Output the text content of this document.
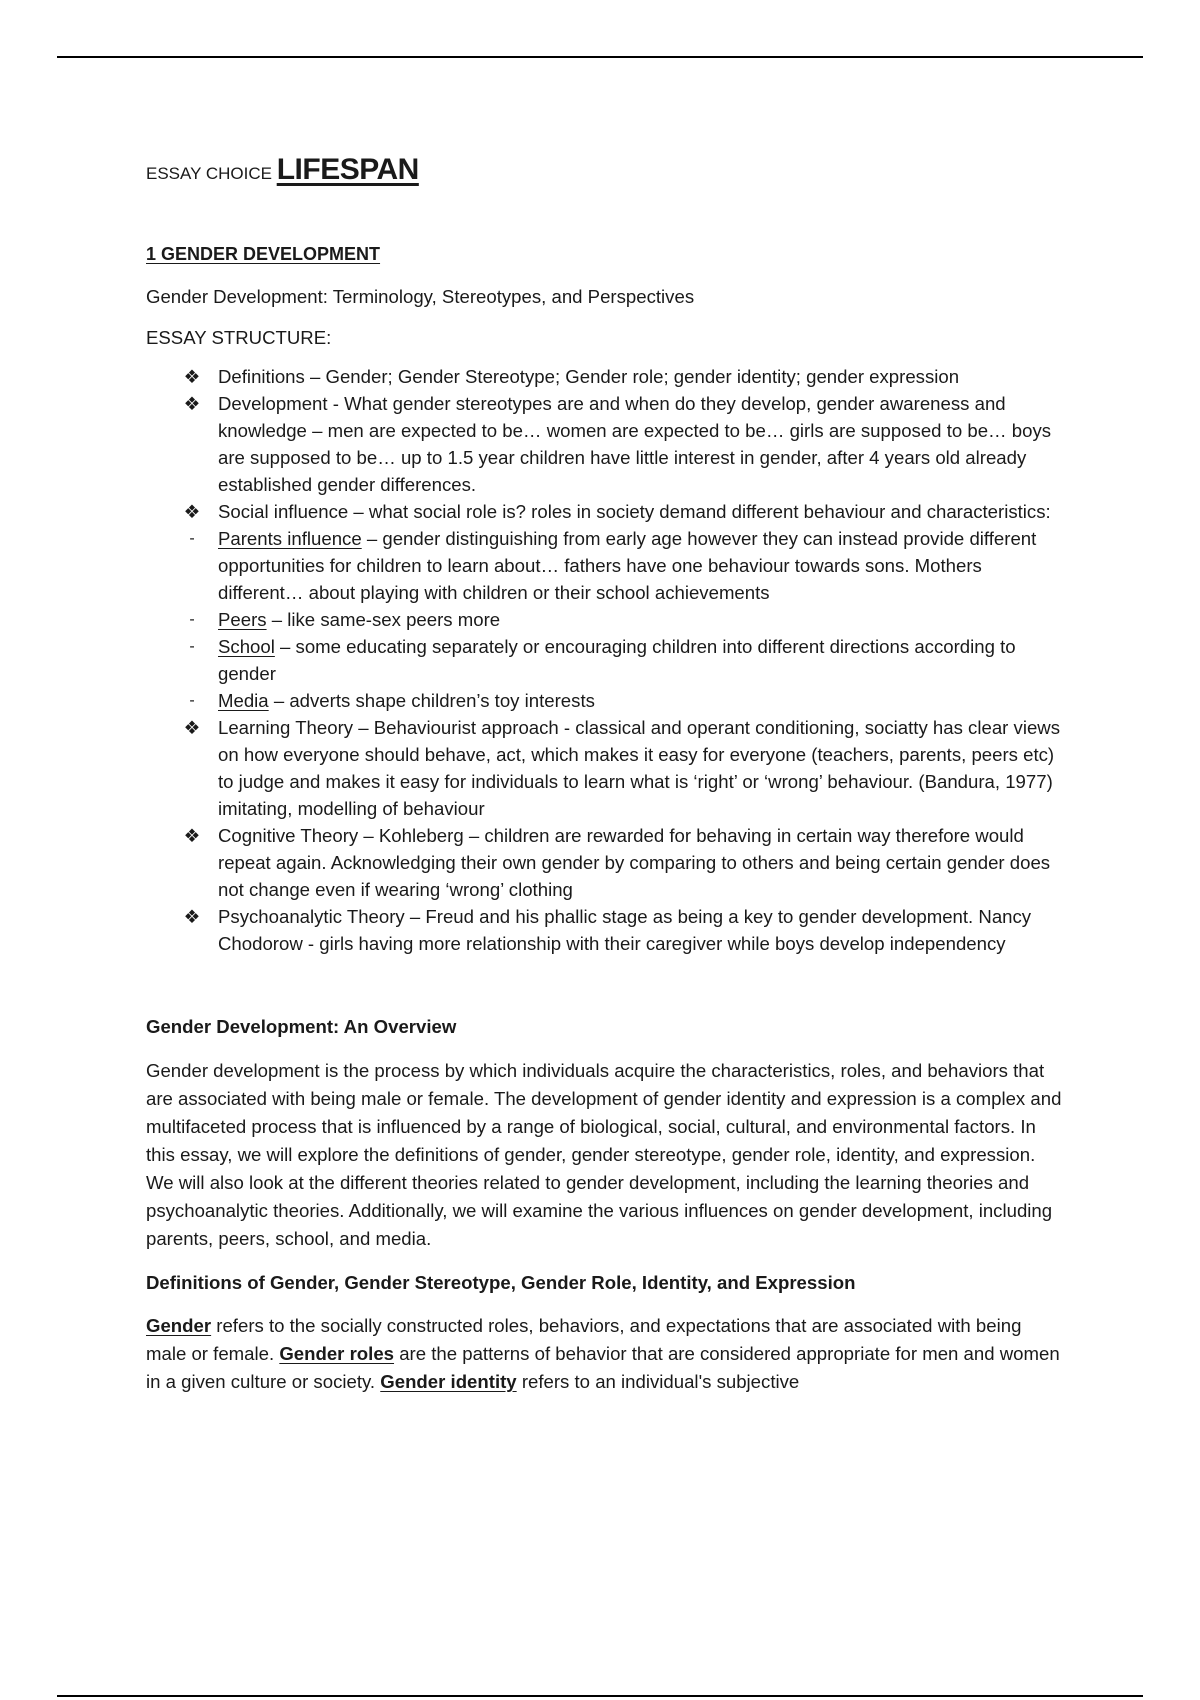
ESSAY CHOICE LIFESPAN

1 GENDER DEVELOPMENT

Gender Development: Terminology, Stereotypes, and Perspectives

ESSAY STRUCTURE:

❖ Definitions – Gender; Gender Stereotype; Gender role; gender identity; gender expression
❖ Development - What gender stereotypes are and when do they develop, gender awareness and knowledge – men are expected to be… women are expected to be… girls are supposed to be… boys are supposed to be… up to 1.5 year children have little interest in gender, after 4 years old already established gender differences.
❖ Social influence – what social role is? roles in society demand different behaviour and characteristics:
-	Parents influence – gender distinguishing from early age however they can instead provide different opportunities for children to learn about… fathers have one behaviour towards sons. Mothers different… about playing with children or their school achievements
-	Peers – like same-sex peers more
-	School – some educating separately or encouraging children into different directions according to gender
-	Media – adverts shape children’s toy interests
❖ Learning Theory – Behaviourist approach - classical and operant conditioning, sociatty has clear views on how everyone should behave, act, which makes it easy for everyone (teachers, parents, peers etc) to judge and makes it easy for individuals to learn what is ‘right’ or ‘wrong’ behaviour. (Bandura, 1977) imitating, modelling of behaviour
❖ Cognitive Theory – Kohleberg – children are rewarded for behaving in certain way therefore would repeat again. Acknowledging their own gender by comparing to others and being certain gender does not change even if wearing ‘wrong’ clothing
❖ Psychoanalytic Theory – Freud and his phallic stage as being a key to gender development. Nancy Chodorow - girls having more relationship with their caregiver while boys develop independency

Gender Development: An Overview

Gender development is the process by which individuals acquire the characteristics, roles, and behaviors that are associated with being male or female. The development of gender identity and expression is a complex and multifaceted process that is influenced by a range of biological, social, cultural, and environmental factors. In this essay, we will explore the definitions of gender, gender stereotype, gender role, identity, and expression. We will also look at the different theories related to gender development, including the learning theories and psychoanalytic theories. Additionally, we will examine the various influences on gender development, including parents, peers, school, and media.

Definitions of Gender, Gender Stereotype, Gender Role, Identity, and Expression

Gender refers to the socially constructed roles, behaviors, and expectations that are associated with being male or female. Gender roles are the patterns of behavior that are considered appropriate for men and women in a given culture or society. Gender identity refers to an individual's subjective
